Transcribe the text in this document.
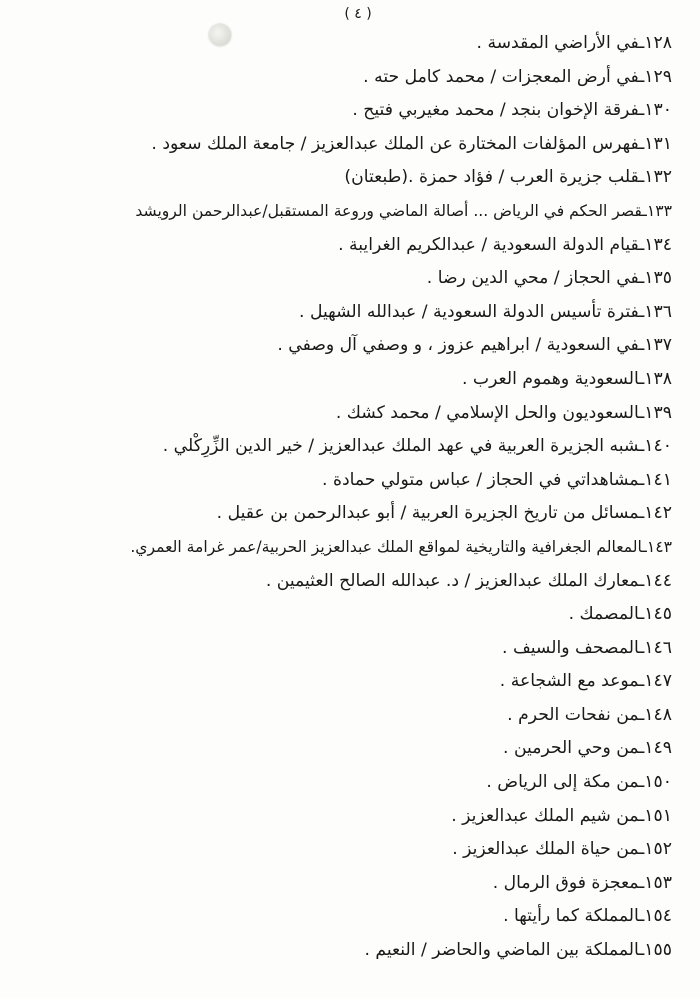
( ٤ )
١٢٨ـفي الأراضي المقدسة .
١٢٩ـفي أرض المعجزات / محمد كامل حته .
١٣٠ـفرقة الإخوان بنجد / محمد مغيربي فتيح .
١٣١ـفهرس المؤلفات المختارة عن الملك عبدالعزيز / جامعة الملك سعود .
١٣٢ـقلب جزيرة العرب / فؤاد حمزة .(طبعتان)
١٣٣ـقصر الحكم في الرياض ... أصالة الماضي وروعة المستقبل/عبدالرحمن الرويشد
١٣٤ـقيام الدولة السعودية / عبدالكريم الغرايبة .
١٣٥ـفي الحجاز / محي الدين رضا .
١٣٦ـفترة تأسيس الدولة السعودية / عبدالله الشهيل .
١٣٧ـفي السعودية / ابراهيم عزوز ، و وصفي آل وصفي .
١٣٨ـالسعودية وهموم العرب .
١٣٩ـالسعوديون والحل الإسلامي / محمد كشك .
١٤٠ـشبه الجزيرة العربية في عهد الملك عبدالعزيز / خير الدين الزِّرِكْلي .
١٤١ـمشاهداتي في الحجاز / عباس متولي حمادة .
١٤٢ـمسائل من تاريخ الجزيرة العربية / أبو عبدالرحمن بن عقيل .
١٤٣ـالمعالم الجغرافية والتاريخية لمواقع الملك عبدالعزيز الحربية/عمر غرامة العمري.
١٤٤ـمعارك الملك عبدالعزيز / د. عبدالله الصالح العثيمين .
١٤٥ـالمصمك .
١٤٦ـالمصحف والسيف .
١٤٧ـموعد مع الشجاعة .
١٤٨ـمن نفحات الحرم .
١٤٩ـمن وحي الحرمين .
١٥٠ـمن مكة إلى الرياض .
١٥١ـمن شيم الملك عبدالعزيز .
١٥٢ـمن حياة الملك عبدالعزيز .
١٥٣ـمعجزة فوق الرمال .
١٥٤ـالمملكة كما رأيتها .
١٥٥ـالمملكة بين الماضي والحاضر / النعيم .
